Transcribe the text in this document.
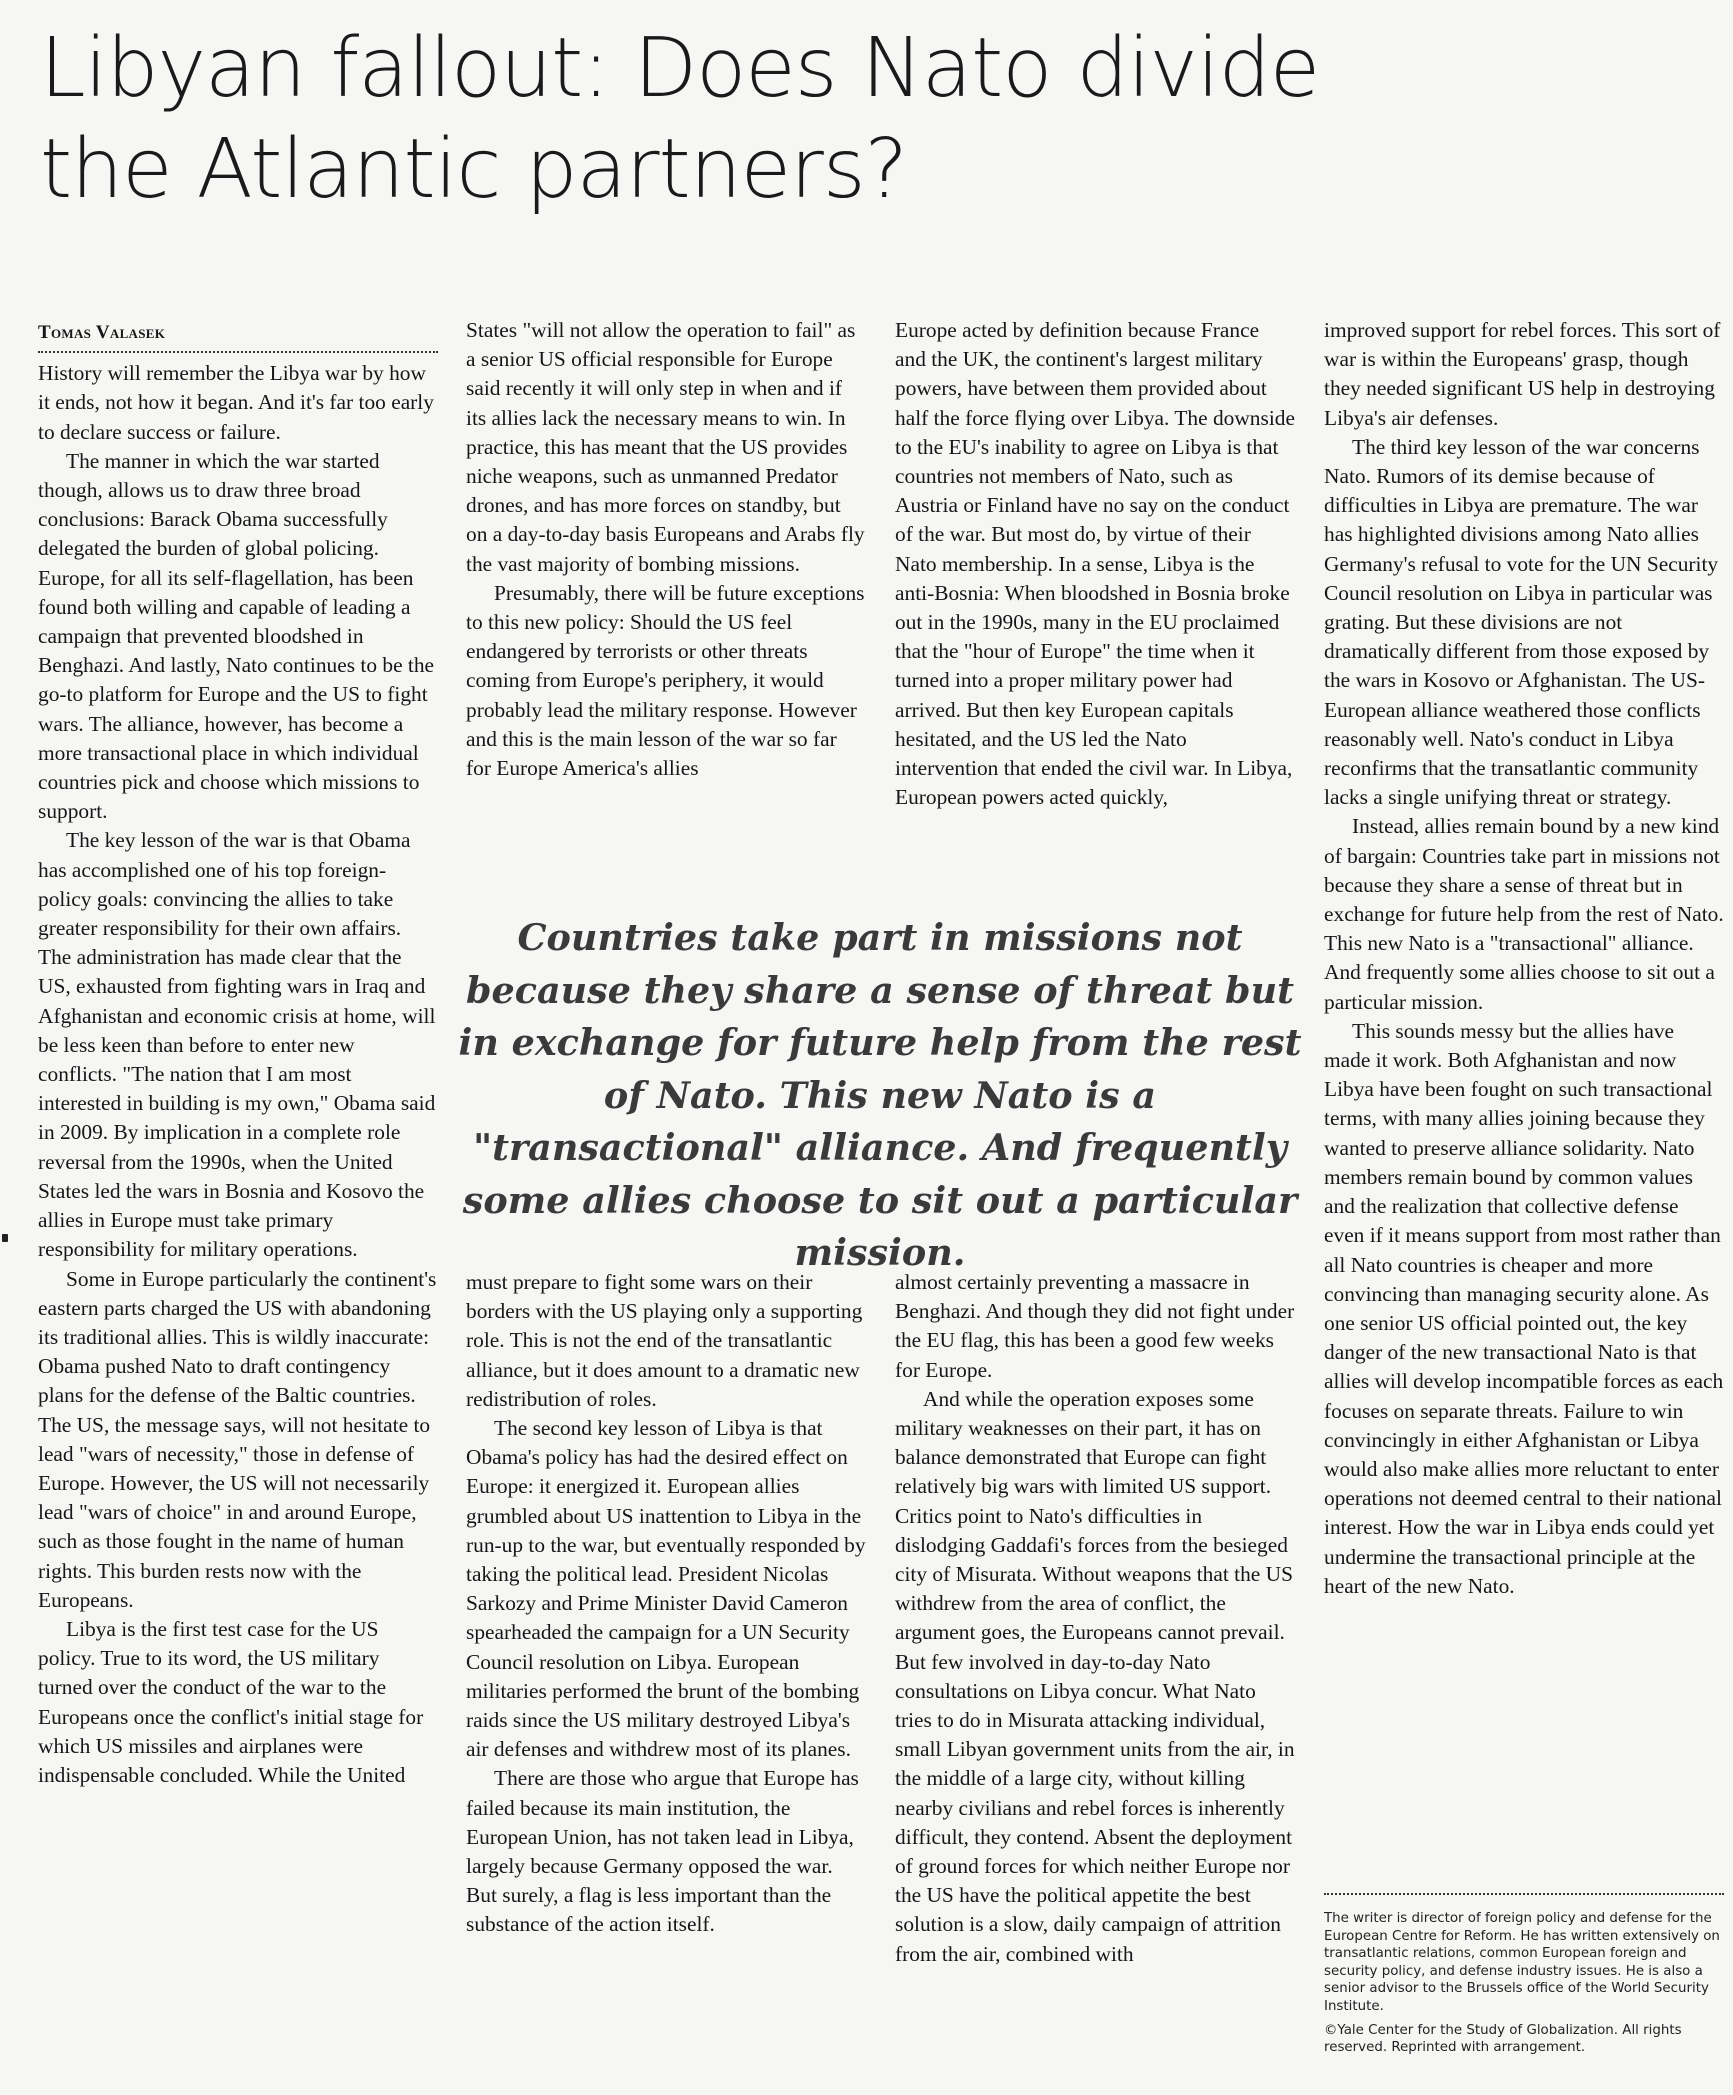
Libyan fallout: Does Nato divide
the Atlantic partners?
Tomas Valasek

History will remember the Libya war by how it ends, not how it began. And it's far too early to declare success or failure.

The manner in which the war started though, allows us to draw three broad conclusions: Barack Obama successfully delegated the burden of global policing. Europe, for all its self-flagellation, has been found both willing and capable of leading a campaign that prevented bloodshed in Benghazi. And lastly, Nato continues to be the go-to platform for Europe and the US to fight wars. The alliance, however, has become a more transactional place in which individual countries pick and choose which missions to support.

The key lesson of the war is that Obama has accomplished one of his top foreign-policy goals: convincing the allies to take greater responsibility for their own affairs. The administration has made clear that the US, exhausted from fighting wars in Iraq and Afghanistan and economic crisis at home, will be less keen than before to enter new conflicts. "The nation that I am most interested in building is my own," Obama said in 2009. By implication in a complete role reversal from the 1990s, when the United States led the wars in Bosnia and Kosovo the allies in Europe must take primary responsibility for military operations.

Some in Europe particularly the continent's eastern parts charged the US with abandoning its traditional allies. This is wildly inaccurate: Obama pushed Nato to draft contingency plans for the defense of the Baltic countries. The US, the message says, will not hesitate to lead "wars of necessity," those in defense of Europe. However, the US will not necessarily lead "wars of choice" in and around Europe, such as those fought in the name of human rights. This burden rests now with the Europeans.

Libya is the first test case for the US policy. True to its word, the US military turned over the conduct of the war to the Europeans once the conflict's initial stage for which US missiles and airplanes were indispensable concluded. While the United

States "will not allow the operation to fail" as a senior US official responsible for Europe said recently it will only step in when and if its allies lack the necessary means to win. In practice, this has meant that the US provides niche weapons, such as unmanned Predator drones, and has more forces on standby, but on a day-to-day basis Europeans and Arabs fly the vast majority of bombing missions.

Presumably, there will be future exceptions to this new policy: Should the US feel endangered by terrorists or other threats coming from Europe's periphery, it would probably lead the military response. However and this is the main lesson of the war so far for Europe America's allies

Europe acted by definition because France and the UK, the continent's largest military powers, have between them provided about half the force flying over Libya. The downside to the EU's inability to agree on Libya is that countries not members of Nato, such as Austria or Finland have no say on the conduct of the war. But most do, by virtue of their Nato membership. In a sense, Libya is the anti-Bosnia: When bloodshed in Bosnia broke out in the 1990s, many in the EU proclaimed that the "hour of Europe" the time when it turned into a proper military power had arrived. But then key European capitals hesitated, and the US led the Nato intervention that ended the civil war. In Libya, European powers acted quickly,

improved support for rebel forces. This sort of war is within the Europeans' grasp, though they needed significant US help in destroying Libya's air defenses.

The third key lesson of the war concerns Nato. Rumors of its demise because of difficulties in Libya are premature. The war has highlighted divisions among Nato allies Germany's refusal to vote for the UN Security Council resolution on Libya in particular was grating. But these divisions are not dramatically different from those exposed by the wars in Kosovo or Afghanistan. The US-European alliance weathered those conflicts reasonably well. Nato's conduct in Libya reconfirms that the transatlantic community lacks a single unifying threat or strategy.

Instead, allies remain bound by a new kind of bargain: Countries take part in missions not because they share a sense of threat but in exchange for future help from the rest of Nato. This new Nato is a "transactional" alliance. And frequently some allies choose to sit out a particular mission.

This sounds messy but the allies have made it work. Both Afghanistan and now Libya have been fought on such transactional terms, with many allies joining because they wanted to preserve alliance solidarity. Nato members remain bound by common values and the realization that collective defense even if it means support from most rather than all Nato countries is cheaper and more convincing than managing security alone. As one senior US official pointed out, the key danger of the new transactional Nato is that allies will develop incompatible forces as each focuses on separate threats. Failure to win convincingly in either Afghanistan or Libya would also make allies more reluctant to enter operations not deemed central to their national interest. How the war in Libya ends could yet undermine the transactional principle at the heart of the new Nato.

Countries take part in missions not because they share a sense of threat but in exchange for future help from the rest of Nato. This new Nato is a "transactional" alliance. And frequently some allies choose to sit out a particular mission.

must prepare to fight some wars on their borders with the US playing only a supporting role. This is not the end of the transatlantic alliance, but it does amount to a dramatic new redistribution of roles.

The second key lesson of Libya is that Obama's policy has had the desired effect on Europe: it energized it. European allies grumbled about US inattention to Libya in the run-up to the war, but eventually responded by taking the political lead. President Nicolas Sarkozy and Prime Minister David Cameron spearheaded the campaign for a UN Security Council resolution on Libya. European militaries performed the brunt of the bombing raids since the US military destroyed Libya's air defenses and withdrew most of its planes.

There are those who argue that Europe has failed because its main institution, the European Union, has not taken lead in Libya, largely because Germany opposed the war. But surely, a flag is less important than the substance of the action itself.

almost certainly preventing a massacre in Benghazi. And though they did not fight under the EU flag, this has been a good few weeks for Europe.

And while the operation exposes some military weaknesses on their part, it has on balance demonstrated that Europe can fight relatively big wars with limited US support. Critics point to Nato's difficulties in dislodging Gaddafi's forces from the besieged city of Misurata. Without weapons that the US withdrew from the area of conflict, the argument goes, the Europeans cannot prevail. But few involved in day-to-day Nato consultations on Libya concur. What Nato tries to do in Misurata attacking individual, small Libyan government units from the air, in the middle of a large city, without killing nearby civilians and rebel forces is inherently difficult, they contend. Absent the deployment of ground forces for which neither Europe nor the US have the political appetite the best solution is a slow, daily campaign of attrition from the air, combined with

The writer is director of foreign policy and defense for the European Centre for Reform. He has written extensively on transatlantic relations, common European foreign and security policy, and defense industry issues. He is also a senior advisor to the Brussels office of the World Security Institute.

©Yale Center for the Study of Globalization. All rights reserved. Reprinted with arrangement.
